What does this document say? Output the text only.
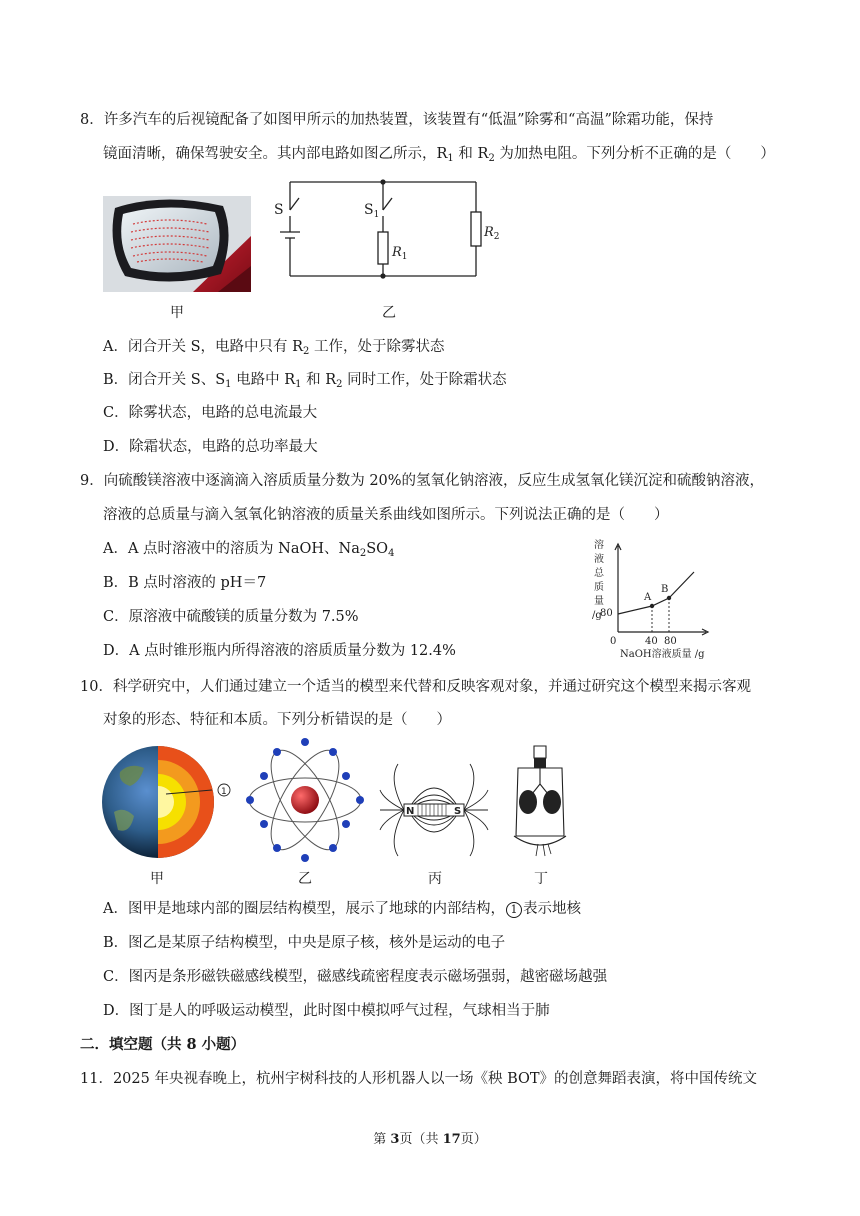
8．许多汽车的后视镜配备了如图甲所示的加热装置，该装置有“低温”除雾和“高温”除霜功能，保持
镜面清晰，确保驾驶安全。其内部电路如图乙所示，$R_1$ 和 $R_2$ 为加热电阻。下列分析不正确的是（　　）
甲
S	$S_1$
$R_1$
$R_2$
乙
A．闭合开关 S，电路中只有 $R_2$ 工作，处于除雾状态
B．闭合开关 S、$S_1$ 电路中 $R_1$ 和 $R_2$ 同时工作，处于除霜状态
C．除雾状态，电路的总电流最大
D．除霜状态，电路的总功率最大
9．向硫酸镁溶液中逐滴滴入溶质质量分数为 20%的氢氧化钠溶液，反应生成氢氧化镁沉淀和硫酸钠溶液，
溶液的总质量与滴入氢氧化钠溶液的质量关系曲线如图所示。下列说法正确的是（　　）
A．A 点时溶液中的溶质为 NaOH、$Na_2SO_4$
B．B 点时溶液的 pH＝7
C．原溶液中硫酸镁的质量分数为 7.5%
D．A 点时锥形瓶内所得溶液的溶质质量分数为 12.4%
溶
液
总
质
量
/g
80
0	40 80
A
B
NaOH溶液质量 /g
10．科学研究中，人们通过建立一个适当的模型来代替和反映客观对象，并通过研究这个模型来揭示客观
对象的形态、特征和本质。下列分析错误的是（　　）
1
N	S
甲	乙	丙	丁
A．图甲是地球内部的圈层结构模型，展示了地球的内部结构， 1 表示地核
B．图乙是某原子结构模型，中央是原子核，核外是运动的电子
C．图丙是条形磁铁磁感线模型，磁感线疏密程度表示磁场强弱，越密磁场越强
D．图丁是人的呼吸运动模型，此时图中模拟呼气过程，气球相当于肺
二．填空题（共 8 小题）
11．2025 年央视春晚上，杭州宇树科技的人形机器人以一场《秧 BOT》的创意舞蹈表演，将中国传统文
第 3页（共 17页）
